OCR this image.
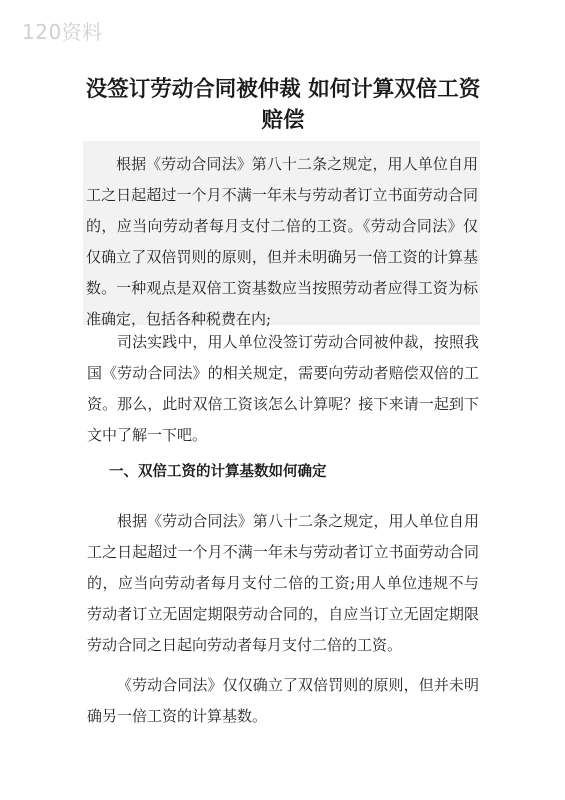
120资料
没签订劳动合同被仲裁 如何计算双倍工资赔偿

根据《劳动合同法》第八十二条之规定，用人单位自用工之日起超过一个月不满一年未与劳动者订立书面劳动合同的，应当向劳动者每月支付二倍的工资。《劳动合同法》仅仅确立了双倍罚则的原则，但并未明确另一倍工资的计算基数。一种观点是双倍工资基数应当按照劳动者应得工资为标准确定，包括各种税费在内;

司法实践中，用人单位没签订劳动合同被仲裁，按照我国《劳动合同法》的相关规定，需要向劳动者赔偿双倍的工资。那么，此时双倍工资该怎么计算呢？接下来请一起到下文中了解一下吧。

一、双倍工资的计算基数如何确定

根据《劳动合同法》第八十二条之规定，用人单位自用工之日起超过一个月不满一年未与劳动者订立书面劳动合同的，应当向劳动者每月支付二倍的工资;用人单位违规不与劳动者订立无固定期限劳动合同的，自应当订立无固定期限劳动合同之日起向劳动者每月支付二倍的工资。

《劳动合同法》仅仅确立了双倍罚则的原则，但并未明确另一倍工资的计算基数。
